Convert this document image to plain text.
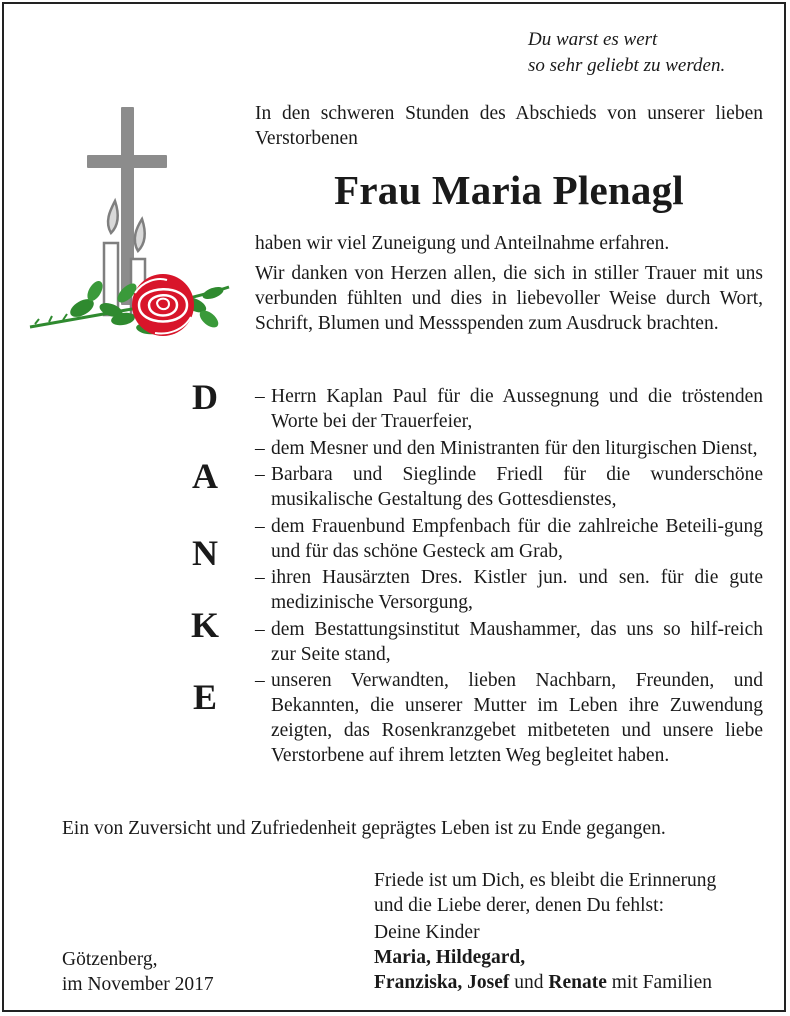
Du warst es wert
so sehr geliebt zu werden.
In den schweren Stunden des Abschieds von unserer lieben Verstorbenen
Frau Maria Plenagl
haben wir viel Zuneigung und Anteilnahme erfahren.
Wir danken von Herzen allen, die sich in stiller Trauer mit uns verbunden fühlten und dies in liebevoller Weise durch Wort, Schrift, Blumen und Messspenden zum Ausdruck brachten.
D
A
N
K
E
– Herrn Kaplan Paul für die Aussegnung und die tröstenden Worte bei der Trauerfeier,
– dem Mesner und den Ministranten für den liturgischen Dienst,
– Barbara und Sieglinde Friedl für die wunderschöne musikalische Gestaltung des Gottesdienstes,
– dem Frauenbund Empfenbach für die zahlreiche Beteili-gung und für das schöne Gesteck am Grab,
– ihren Hausärzten Dres. Kistler jun. und sen. für die gute medizinische Versorgung,
– dem Bestattungsinstitut Maushammer, das uns so hilf-reich zur Seite stand,
– unseren Verwandten, lieben Nachbarn, Freunden, und Bekannten, die unserer Mutter im Leben ihre Zuwendung zeigten, das Rosenkranzgebet mitbeteten und unsere liebe Verstorbene auf ihrem letzten Weg begleitet haben.
Ein von Zuversicht und Zufriedenheit geprägtes Leben ist zu Ende gegangen.
Friede ist um Dich, es bleibt die Erinnerung
und die Liebe derer, denen Du fehlst:
Götzenberg,
im November 2017
Deine Kinder
Maria, Hildegard,
Franziska, Josef und Renate mit Familien
